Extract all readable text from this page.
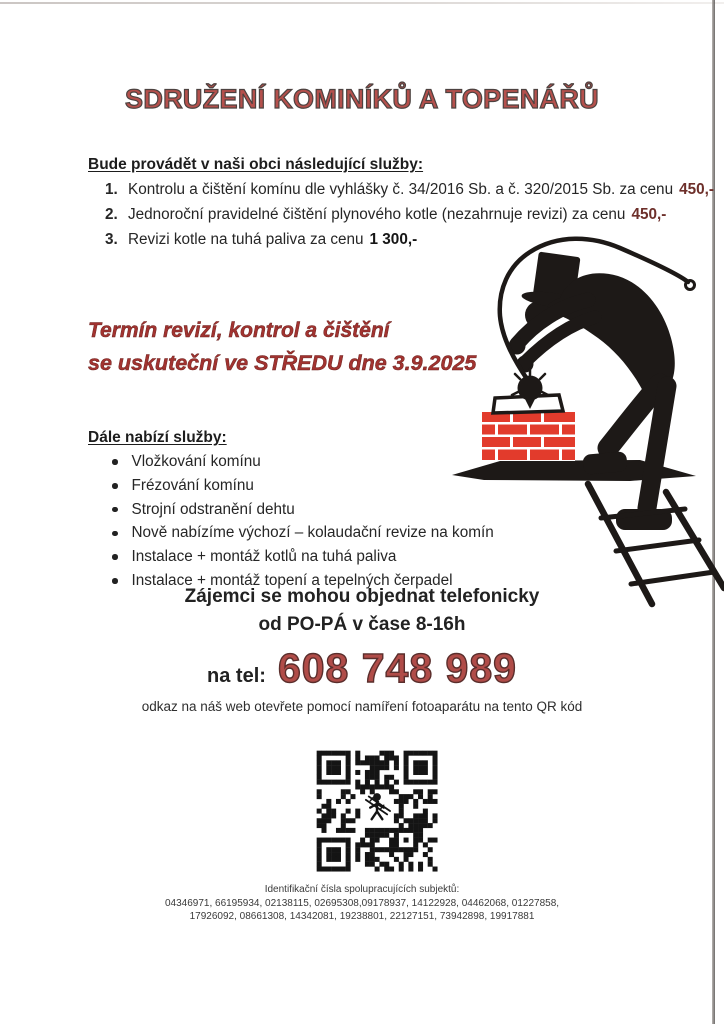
SDRUŽENÍ KOMINÍKŮ A TOPENÁŘŮ
Bude provádět v naši obci následující služby:
1. Kontrolu a čištění komínu dle vyhlášky č. 34/2016 Sb. a č. 320/2015 Sb. za cenu 450,-
2. Jednoroční pravidelné čištění plynového kotle (nezahrnuje revizi) za cenu 450,-
3. Revizi kotle na tuhá paliva za cenu 1 300,-
Termín revizí, kontrol a čištění
se uskuteční ve STŘEDU dne 3.9.2025
Dále nabízí služby:
Vložkování komínu
Frézování komínu
Strojní odstranění dehtu
Nově nabízíme výchozí – kolaudační revize na komín
Instalace + montáž kotlů na tuhá paliva
Instalace + montáž topení a tepelných čerpadel
Zájemci se mohou objednat telefonicky
od PO-PÁ v čase 8-16h
na tel: 608 748 989
odkaz na náš web otevřete pomocí namíření fotoaparátu na tento QR kód
Identifikační čísla spolupracujících subjektů:
04346971, 66195934, 02138115, 02695308,09178937, 14122928, 04462068, 01227858,
17926092, 08661308, 14342081, 19238801, 22127151, 73942898, 19917881
